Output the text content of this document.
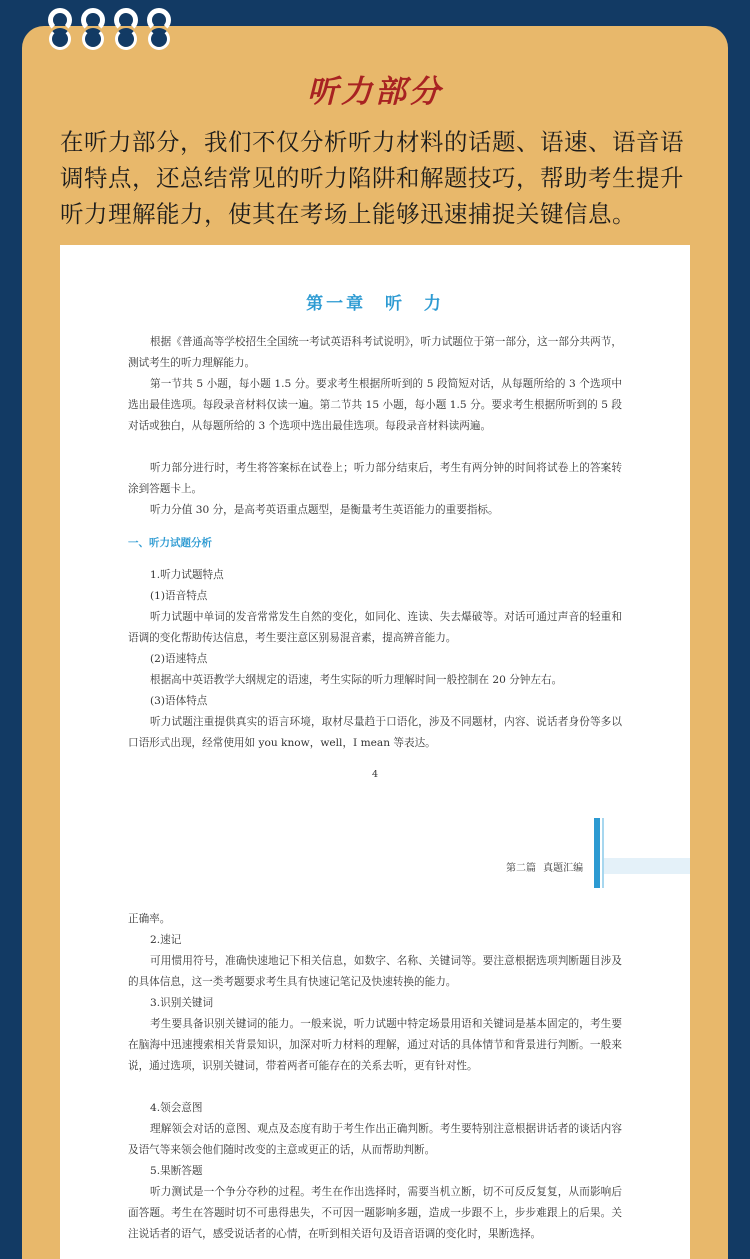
听力部分
在听力部分，我们不仅分析听力材料的话题、语速、语音语调特点，还总结常见的听力陷阱和解题技巧，帮助考生提升听力理解能力，使其在考场上能够迅速捕捉关键信息。
第一章 听 力
根据《普通高等学校招生全国统一考试英语科考试说明》，听力试题位于第一部分，这一部分共两节，测试考生的听力理解能力。
第一节共 5 小题，每小题 1.5 分。要求考生根据所听到的 5 段简短对话，从每题所给的 3 个选项中选出最佳选项。每段录音材料仅读一遍。第二节共 15 小题，每小题 1.5 分。要求考生根据所听到的 5 段对话或独白，从每题所给的 3 个选项中选出最佳选项。每段录音材料读两遍。
听力部分进行时，考生将答案标在试卷上；听力部分结束后，考生有两分钟的时间将试卷上的答案转涂到答题卡上。
听力分值 30 分，是高考英语重点题型，是衡量考生英语能力的重要指标。
一、听力试题分析
1.听力试题特点
(1)语音特点
听力试题中单词的发音常常发生自然的变化，如同化、连读、失去爆破等。对话可通过声音的轻重和语调的变化帮助传达信息，考生要注意区别易混音素，提高辨音能力。
(2)语速特点
根据高中英语教学大纲规定的语速，考生实际的听力理解时间一般控制在 20 分钟左右。
(3)语体特点
听力试题注重提供真实的语言环境，取材尽量趋于口语化，涉及不同题材，内容、说话者身份等多以口语形式出现，经常使用如 you know，well，I mean 等表达。
4
第二篇 真题汇编
正确率。
2.速记
可用惯用符号，准确快速地记下相关信息，如数字、名称、关键词等。要注意根据选项判断题目涉及的具体信息，这一类考题要求考生具有快速记笔记及快速转换的能力。
3.识别关键词
考生要具备识别关键词的能力。一般来说，听力试题中特定场景用语和关键词是基本固定的，考生要在脑海中迅速搜索相关背景知识，加深对听力材料的理解，通过对话的具体情节和背景进行判断。一般来说，通过选项，识别关键词，带着两者可能存在的关系去听，更有针对性。
4.领会意图
理解领会对话的意图、观点及态度有助于考生作出正确判断。考生要特别注意根据讲话者的谈话内容及语气等来领会他们随时改变的主意或更正的话，从而帮助判断。
5.果断答题
听力测试是一个争分夺秒的过程。考生在作出选择时，需要当机立断，切不可反反复复，从而影响后面答题。考生在答题时切不可患得患失，不可因一题影响多题，造成一步跟不上，步步难跟上的后果。关注说话者的语气，感受说话者的心情，在听到相关语句及语音语调的变化时，果断选择。
